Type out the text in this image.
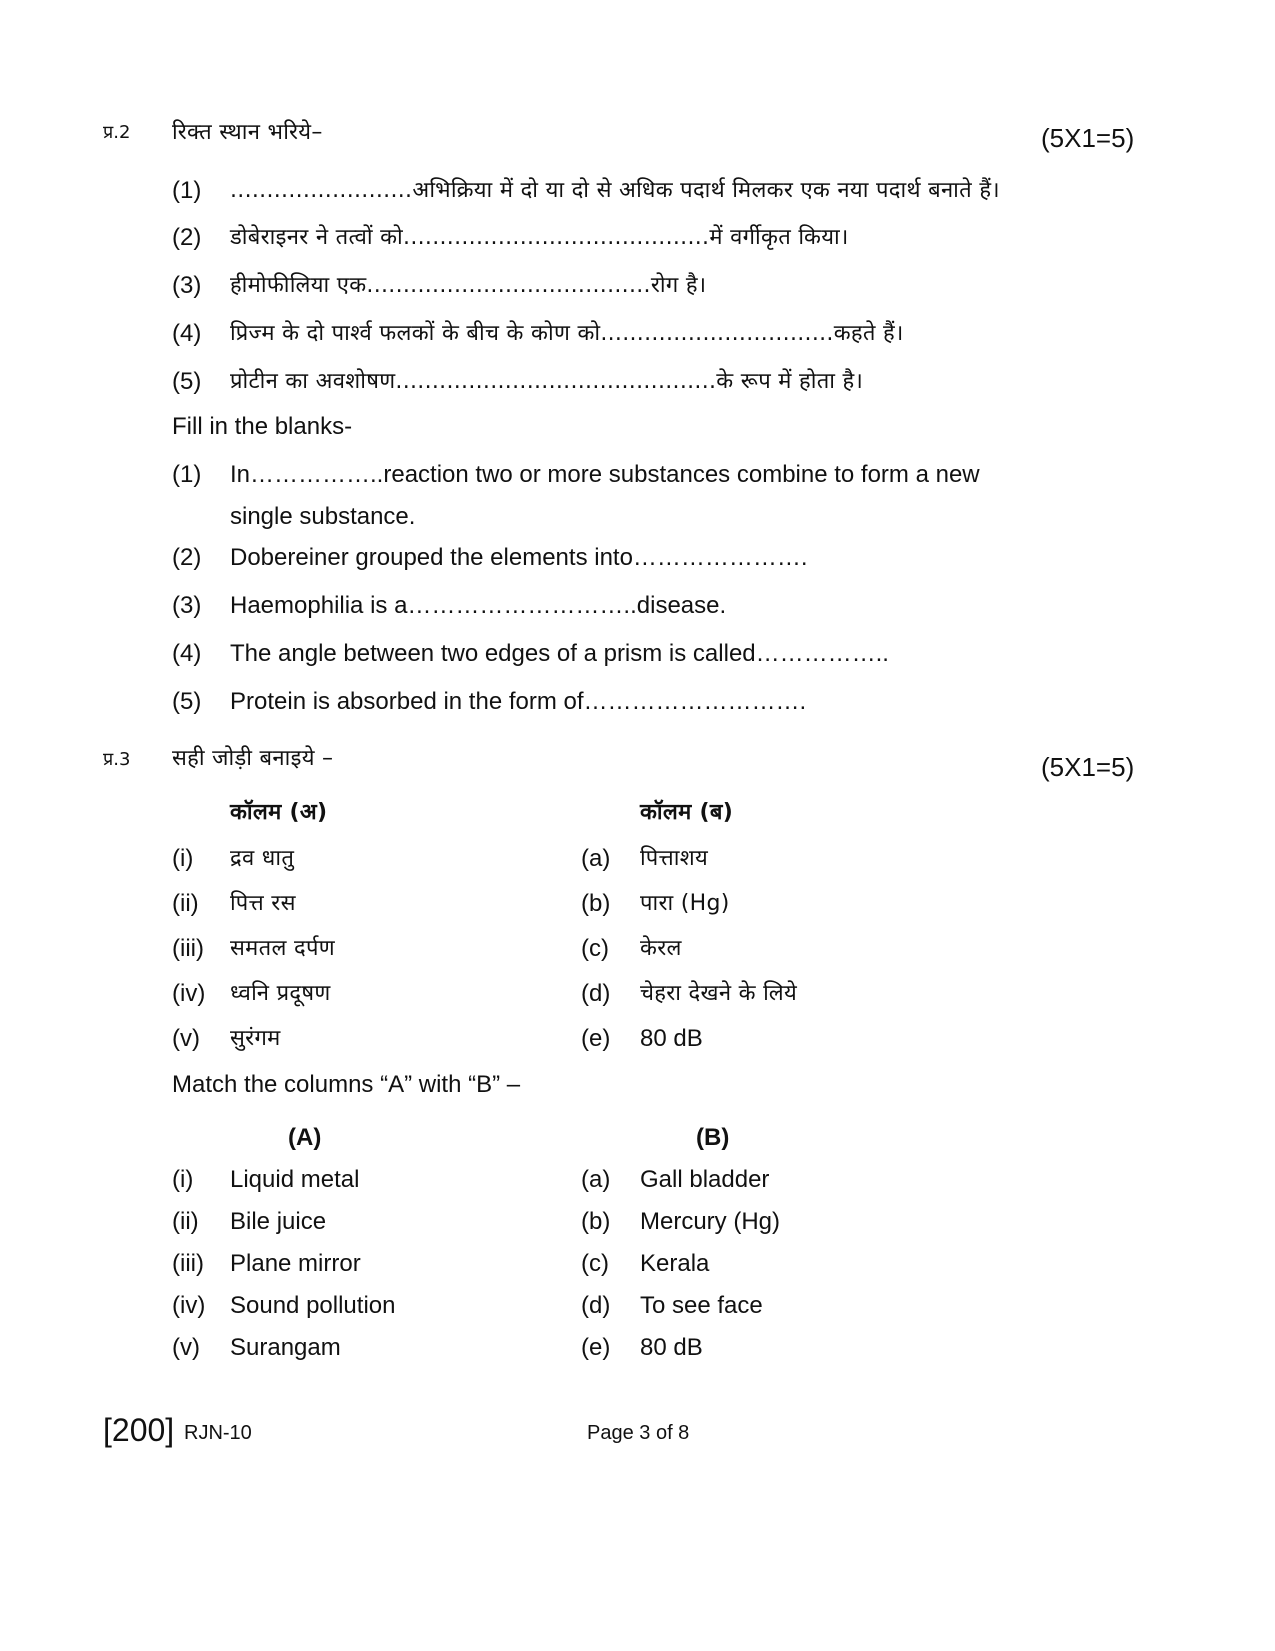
प्र.2 रिक्त स्थान भरिये–	(5X1=5)
(1) .........................अभिक्रिया में दो या दो से अधिक पदार्थ मिलकर एक नया पदार्थ बनाते हैं।
(2) डोबेराइनर ने तत्वों को..........................................में वर्गीकृत किया।
(3) हीमोफीलिया एक.......................................रोग है।
(4) प्रिज्म के दो पार्श्व फलकों के बीच के कोण को................................कहते हैं।
(5) प्रोटीन का अवशोषण............................................के रूप में होता है।
Fill in the blanks-
(1) In……………..reaction two or more substances combine to form a new
single substance.
(2) Dobereiner grouped the elements into………………….
(3) Haemophilia is a………………………..disease.
(4) The angle between two edges of a prism is called……………..
(5) Protein is absorbed in the form of……………………….
प्र.3 सही जोड़ी बनाइये –	(5X1=5)
कॉलम (अ)	कॉलम (ब)
(i) द्रव धातु	(a) पित्ताशय
(ii) पित्त रस	(b) पारा (Hg)
(iii) समतल दर्पण	(c) केरल
(iv) ध्वनि प्रदूषण	(d) चेहरा देखने के लिये
(v) सुरंगम	(e) 80 dB
Match the columns “A” with “B” –
(A)	(B)
(i) Liquid metal	(a) Gall bladder
(ii) Bile juice	(b) Mercury (Hg)
(iii) Plane mirror	(c) Kerala
(iv) Sound pollution	(d) To see face
(v) Surangam	(e) 80 dB
[200] RJN-10	Page 3 of 8
